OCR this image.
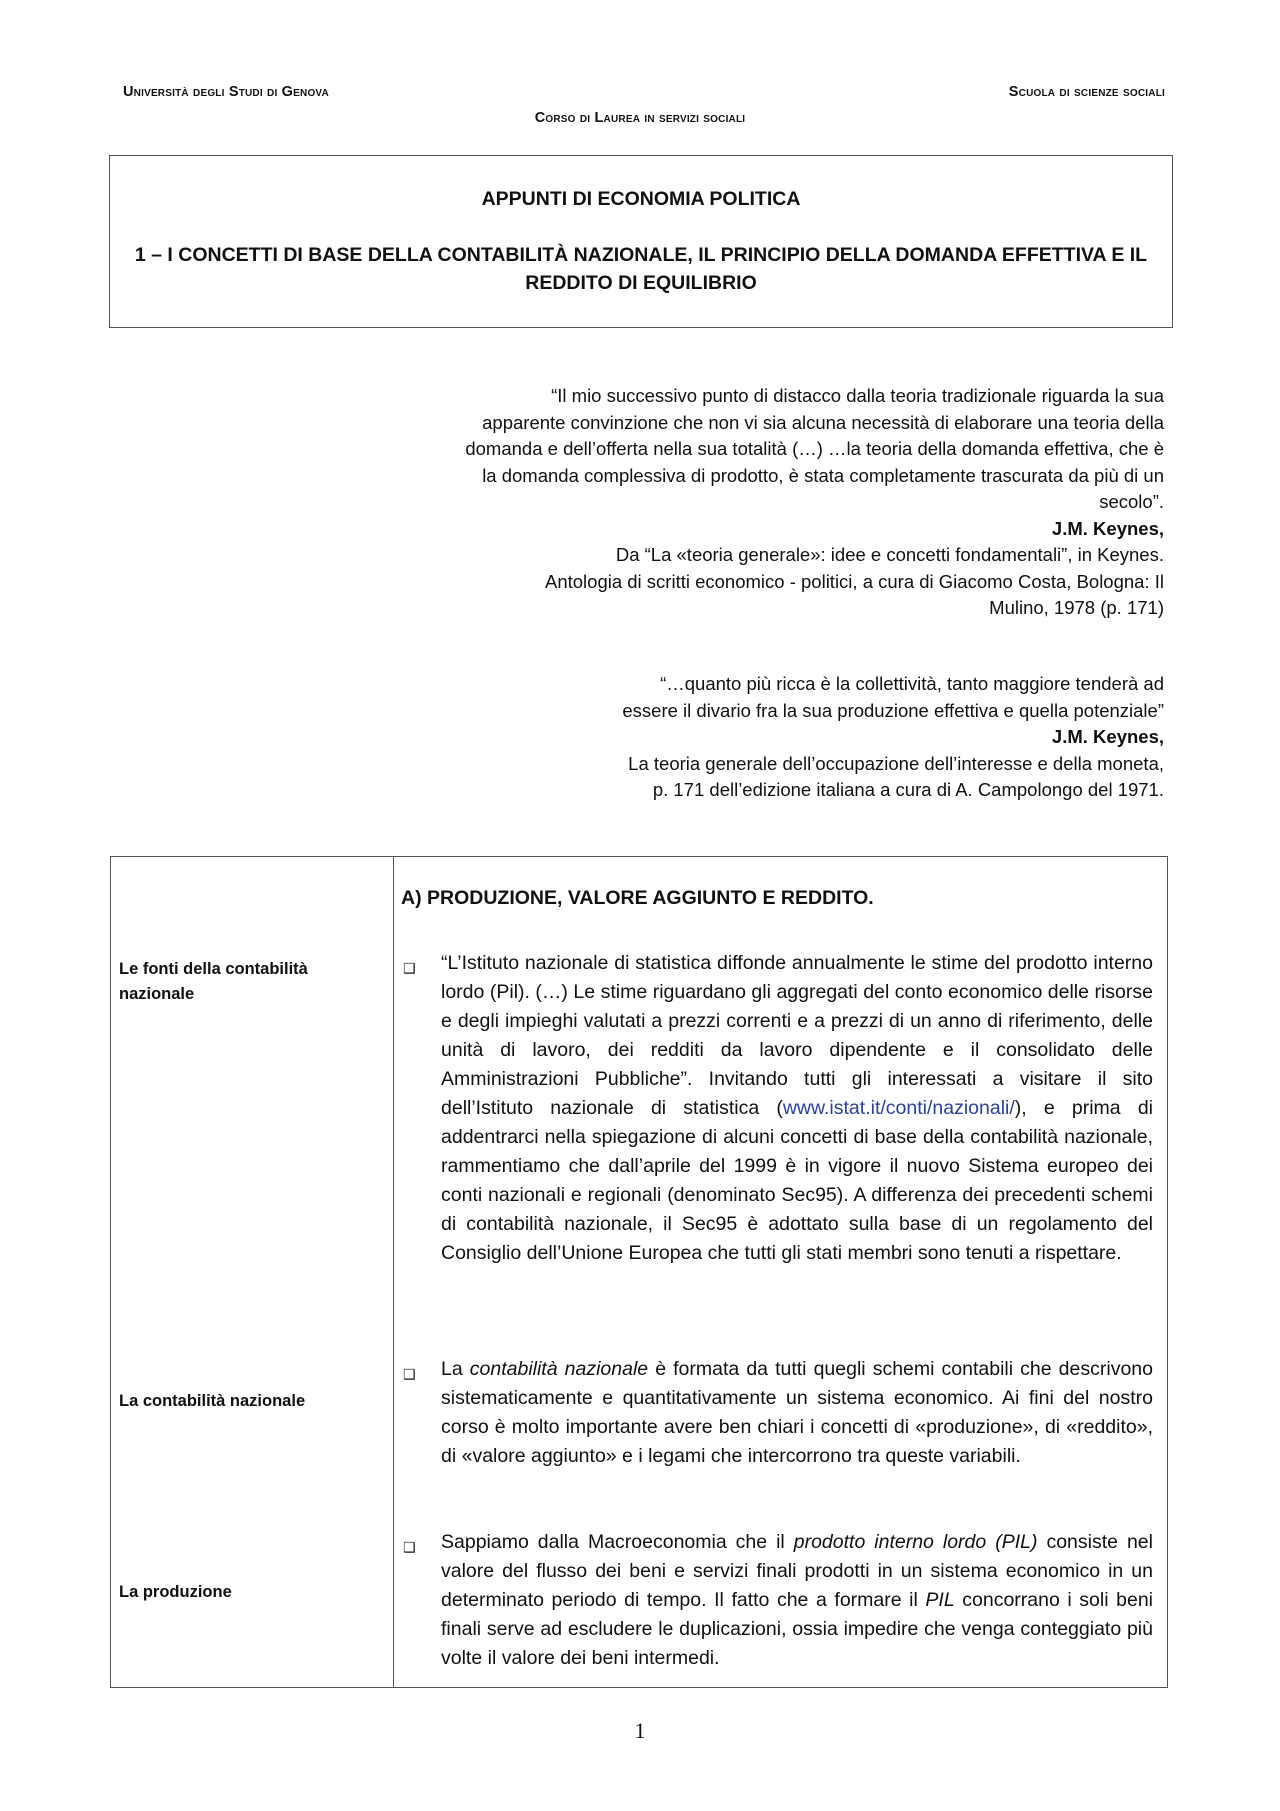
Università degli Studi di Genova	Scuola di scienze sociali
Corso di Laurea in servizi sociali
APPUNTI DI ECONOMIA POLITICA
1 – I CONCETTI DI BASE DELLA CONTABILITÀ NAZIONALE, IL PRINCIPIO DELLA DOMANDA EFFETTIVA E IL REDDITO DI EQUILIBRIO
“Il mio successivo punto di distacco dalla teoria tradizionale riguarda la sua apparente convinzione che non vi sia alcuna necessità di elaborare una teoria della domanda e dell’offerta nella sua totalità (…) …la teoria della domanda effettiva, che è la domanda complessiva di prodotto, è stata completamente trascurata da più di un secolo”.
J.M. Keynes,
Da “La «teoria generale»: idee e concetti fondamentali”, in Keynes.
Antologia di scritti economico - politici, a cura di Giacomo Costa, Bologna: Il Mulino, 1978 (p. 171)
“…quanto più ricca è la collettività, tanto maggiore tenderà ad essere il divario fra la sua produzione effettiva e quella potenziale”
J.M. Keynes,
La teoria generale dell’occupazione dell’interesse e della moneta,
p. 171 dell’edizione italiana a cura di A. Campolongo del 1971.
Le fonti della contabilità nazionale
La contabilità nazionale
La produzione
A) PRODUZIONE, VALORE AGGIUNTO E REDDITO.
❑ “L’Istituto nazionale di statistica diffonde annualmente le stime del prodotto interno lordo (Pil). (…) Le stime riguardano gli aggregati del conto economico delle risorse e degli impieghi valutati a prezzi correnti e a prezzi di un anno di riferimento, delle unità di lavoro, dei redditi da lavoro dipendente e il consolidato delle Amministrazioni Pubbliche”. Invitando tutti gli interessati a visitare il sito dell’Istituto nazionale di statistica (www.istat.it/conti/nazionali/), e prima di addentrarci nella spiegazione di alcuni concetti di base della contabilità nazionale, rammentiamo che dall’aprile del 1999 è in vigore il nuovo Sistema europeo dei conti nazionali e regionali (denominato Sec95). A differenza dei precedenti schemi di contabilità nazionale, il Sec95 è adottato sulla base di un regolamento del Consiglio dell’Unione Europea che tutti gli stati membri sono tenuti a rispettare.
❑ La contabilità nazionale è formata da tutti quegli schemi contabili che descrivono sistematicamente e quantitativamente un sistema economico. Ai fini del nostro corso è molto importante avere ben chiari i concetti di «produzione», di «reddito», di «valore aggiunto» e i legami che intercorrono tra queste variabili.
❑ Sappiamo dalla Macroeconomia che il prodotto interno lordo (PIL) consiste nel valore del flusso dei beni e servizi finali prodotti in un sistema economico in un determinato periodo di tempo. Il fatto che a formare il PIL concorrano i soli beni finali serve ad escludere le duplicazioni, ossia impedire che venga conteggiato più volte il valore dei beni intermedi.
1
